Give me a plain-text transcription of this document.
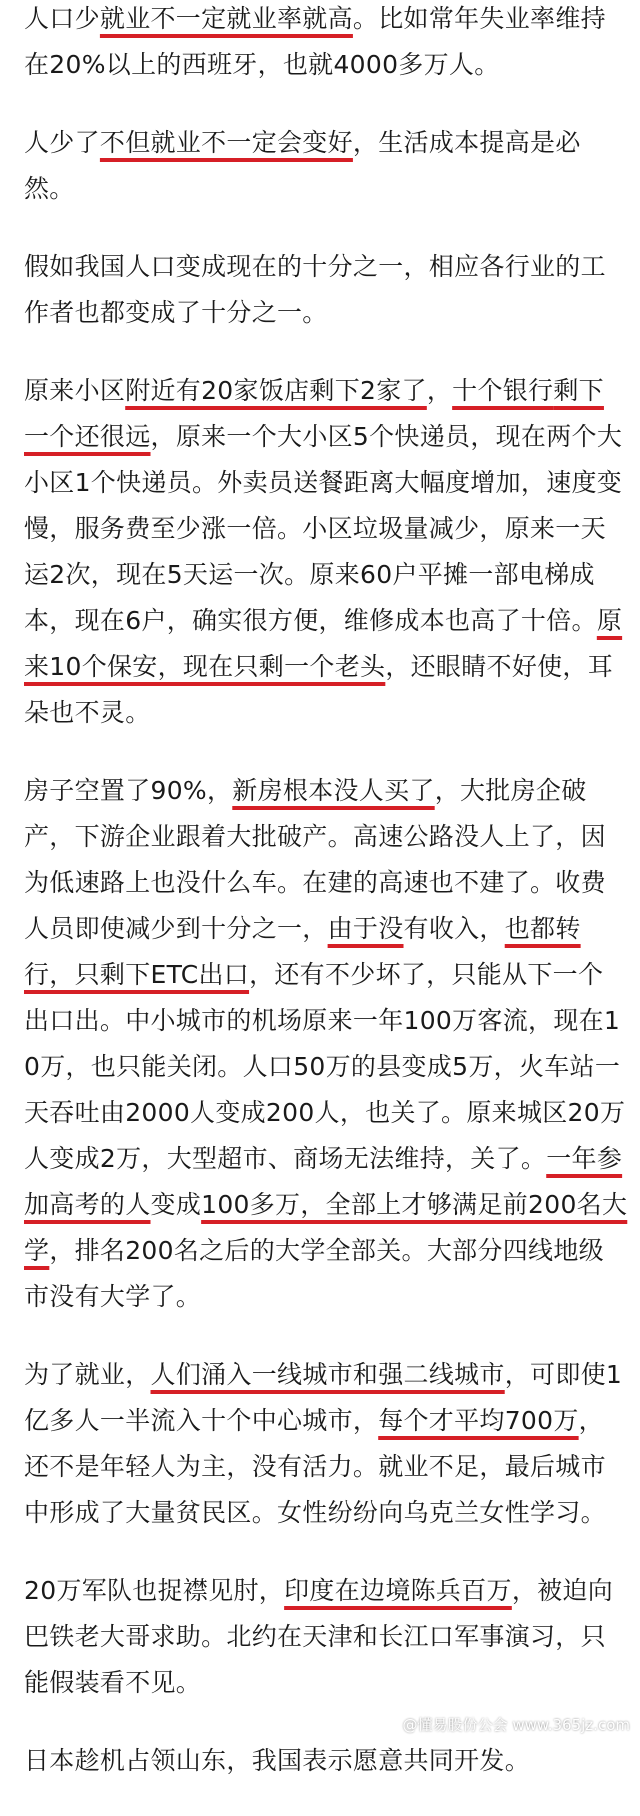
人口少就业不一定就业率就高。比如常年失业率维持在20%以上的西班牙，也就4000多万人。

人少了不但就业不一定会变好，生活成本提高是必然。

假如我国人口变成现在的十分之一，相应各行业的工作者也都变成了十分之一。

原来小区附近有20家饭店剩下2家了，十个银行剩下一个还很远，原来一个大小区5个快递员，现在两个大小区1个快递员。外卖员送餐距离大幅度增加，速度变慢，服务费至少涨一倍。小区垃圾量减少，原来一天运2次，现在5天运一次。原来60户平摊一部电梯成本，现在6户，确实很方便，维修成本也高了十倍。原来10个保安，现在只剩一个老头，还眼睛不好使，耳朵也不灵。

房子空置了90%，新房根本没人买了，大批房企破产，下游企业跟着大批破产。高速公路没人上了，因为低速路上也没什么车。在建的高速也不建了。收费人员即使减少到十分之一，由于没有收入，也都转行，只剩下ETC出口，还有不少坏了，只能从下一个出口出。中小城市的机场原来一年100万客流，现在10万，也只能关闭。人口50万的县变成5万，火车站一天吞吐由2000人变成200人，也关了。原来城区20万人变成2万，大型超市、商场无法维持，关了。一年参加高考的人变成100多万，全部上才够满足前200名大学，排名200名之后的大学全部关。大部分四线地级市没有大学了。

为了就业，人们涌入一线城市和强二线城市，可即使1亿多人一半流入十个中心城市，每个才平均700万，还不是年轻人为主，没有活力。就业不足，最后城市中形成了大量贫民区。女性纷纷向乌克兰女性学习。

20万军队也捉襟见肘，印度在边境陈兵百万，被迫向巴铁老大哥求助。北约在天津和长江口军事演习，只能假装看不见。

日本趁机占领山东，我国表示愿意共同开发。

@懂易股份公会 www.365jz.com
